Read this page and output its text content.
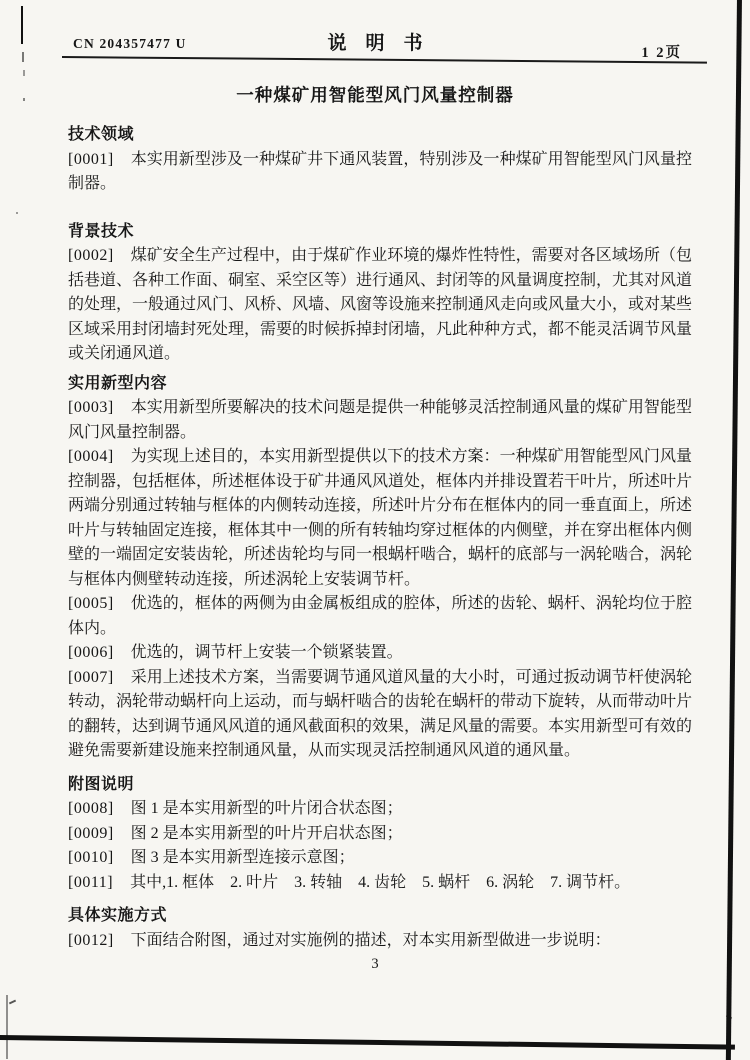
CN 204357477 U	说　明　书	1 2页
一种煤矿用智能型风门风量控制器
技术领域

[0001] 本实用新型涉及一种煤矿井下通风装置，特别涉及一种煤矿用智能型风门风量控制器。

背景技术

[0002] 煤矿安全生产过程中，由于煤矿作业环境的爆炸性特性，需要对各区域场所（包括巷道、各种工作面、硐室、采空区等）进行通风、封闭等的风量调度控制，尤其对风道的处理，一般通过风门、风桥、风墙、风窗等设施来控制通风走向或风量大小，或对某些区域采用封闭墙封死处理，需要的时候拆掉封闭墙，凡此种种方式，都不能灵活调节风量或关闭通风道。

实用新型内容

[0003] 本实用新型所要解决的技术问题是提供一种能够灵活控制通风量的煤矿用智能型风门风量控制器。

[0004] 为实现上述目的，本实用新型提供以下的技术方案：一种煤矿用智能型风门风量控制器，包括框体，所述框体设于矿井通风风道处，框体内并排设置若干叶片，所述叶片两端分别通过转轴与框体的内侧转动连接，所述叶片分布在框体内的同一垂直面上，所述叶片与转轴固定连接，框体其中一侧的所有转轴均穿过框体的内侧壁，并在穿出框体内侧壁的一端固定安装齿轮，所述齿轮均与同一根蜗杆啮合，蜗杆的底部与一涡轮啮合，涡轮与框体内侧壁转动连接，所述涡轮上安装调节杆。

[0005] 优选的，框体的两侧为由金属板组成的腔体，所述的齿轮、蜗杆、涡轮均位于腔体内。

[0006] 优选的，调节杆上安装一个锁紧装置。

[0007] 采用上述技术方案，当需要调节通风道风量的大小时，可通过扳动调节杆使涡轮转动，涡轮带动蜗杆向上运动，而与蜗杆啮合的齿轮在蜗杆的带动下旋转，从而带动叶片的翻转，达到调节通风风道的通风截面积的效果，满足风量的需要。本实用新型可有效的避免需要新建设施来控制通风量，从而实现灵活控制通风风道的通风量。

附图说明

[0008] 图 1 是本实用新型的叶片闭合状态图；

[0009] 图 2 是本实用新型的叶片开启状态图；

[0010] 图 3 是本实用新型连接示意图；

[0011] 其中,1. 框体　2. 叶片　3. 转轴　4. 齿轮　5. 蜗杆　6. 涡轮　7. 调节杆。

具体实施方式

[0012] 下面结合附图，通过对实施例的描述，对本实用新型做进一步说明：

3
